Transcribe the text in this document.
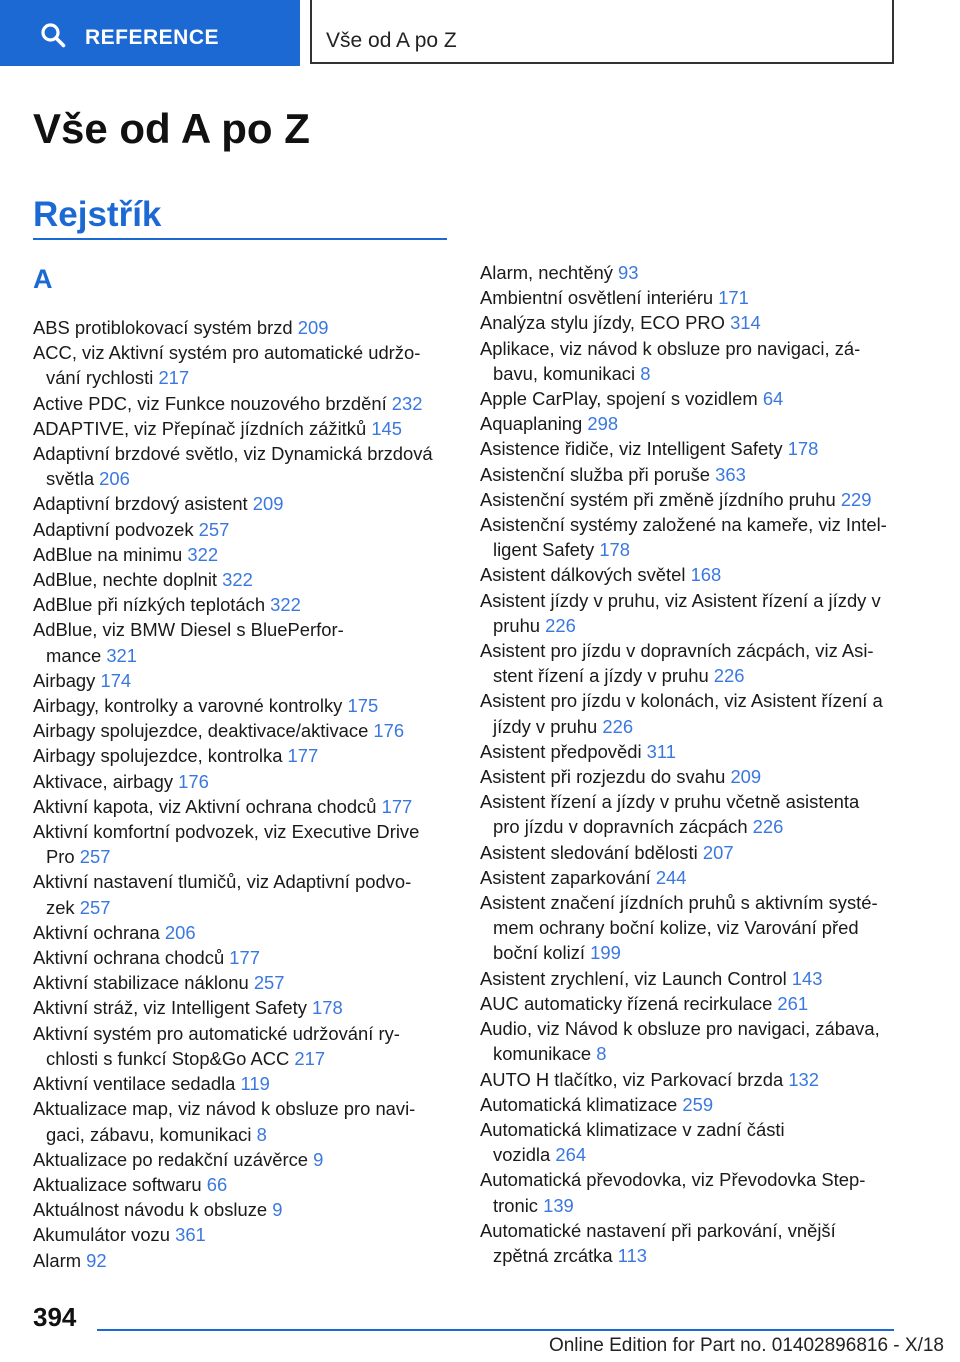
REFERENCE	Vše od A po Z
Vše od A po Z
Rejstřík
A
ABS protiblokovací systém brzd 209
ACC, viz Aktivní systém pro automatické udržo-
vání rychlosti 217
Active PDC, viz Funkce nouzového brzdění 232
ADAPTIVE, viz Přepínač jízdních zážitků 145
Adaptivní brzdové světlo, viz Dynamická brzdová
světla 206
Adaptivní brzdový asistent 209
Adaptivní podvozek 257
AdBlue na minimu 322
AdBlue, nechte doplnit 322
AdBlue při nízkých teplotách 322
AdBlue, viz BMW Diesel s BluePerfor-
mance 321
Airbagy 174
Airbagy, kontrolky a varovné kontrolky 175
Airbagy spolujezdce, deaktivace/aktivace 176
Airbagy spolujezdce, kontrolka 177
Aktivace, airbagy 176
Aktivní kapota, viz Aktivní ochrana chodců 177
Aktivní komfortní podvozek, viz Executive Drive
Pro 257
Aktivní nastavení tlumičů, viz Adaptivní podvo-
zek 257
Aktivní ochrana 206
Aktivní ochrana chodců 177
Aktivní stabilizace náklonu 257
Aktivní stráž, viz Intelligent Safety 178
Aktivní systém pro automatické udržování ry-
chlosti s funkcí Stop&Go ACC 217
Aktivní ventilace sedadla 119
Aktualizace map, viz návod k obsluze pro navi-
gaci, zábavu, komunikaci 8
Aktualizace po redakční uzávěrce 9
Aktualizace softwaru 66
Aktuálnost návodu k obsluze 9
Akumulátor vozu 361
Alarm 92
Alarm, nechtěný 93
Ambientní osvětlení interiéru 171
Analýza stylu jízdy, ECO PRO 314
Aplikace, viz návod k obsluze pro navigaci, zá-
bavu, komunikaci 8
Apple CarPlay, spojení s vozidlem 64
Aquaplaning 298
Asistence řidiče, viz Intelligent Safety 178
Asistenční služba při poruše 363
Asistenční systém při změně jízdního pruhu 229
Asistenční systémy založené na kameře, viz Intel-
ligent Safety 178
Asistent dálkových světel 168
Asistent jízdy v pruhu, viz Asistent řízení a jízdy v
pruhu 226
Asistent pro jízdu v dopravních zácpách, viz Asi-
stent řízení a jízdy v pruhu 226
Asistent pro jízdu v kolonách, viz Asistent řízení a
jízdy v pruhu 226
Asistent předpovědi 311
Asistent při rozjezdu do svahu 209
Asistent řízení a jízdy v pruhu včetně asistenta
pro jízdu v dopravních zácpách 226
Asistent sledování bdělosti 207
Asistent zaparkování 244
Asistent značení jízdních pruhů s aktivním systé-
mem ochrany boční kolize, viz Varování před
boční kolizí 199
Asistent zrychlení, viz Launch Control 143
AUC automaticky řízená recirkulace 261
Audio, viz Návod k obsluze pro navigaci, zábava,
komunikace 8
AUTO H tlačítko, viz Parkovací brzda 132
Automatická klimatizace 259
Automatická klimatizace v zadní části
vozidla 264
Automatická převodovka, viz Převodovka Step-
tronic 139
Automatické nastavení při parkování, vnější
zpětná zrcátka 113
394
Online Edition for Part no. 01402896816 - X/18
